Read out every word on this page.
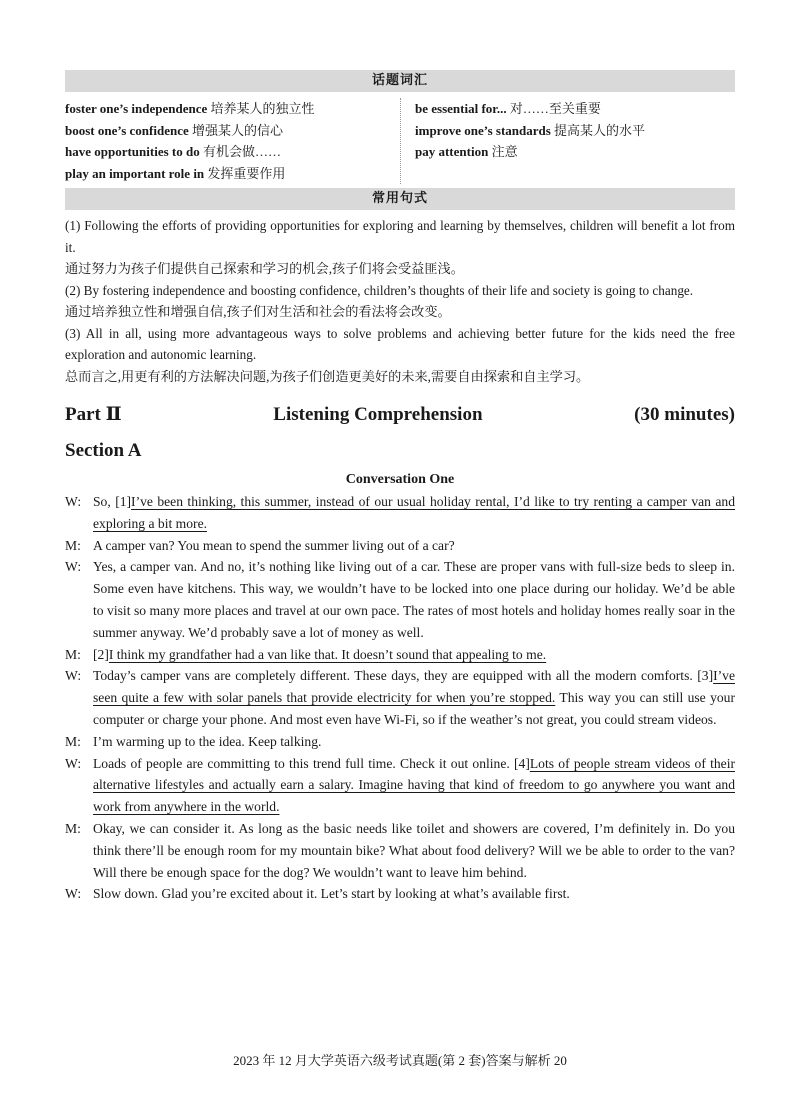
话题词汇
foster one’s independence 培养某人的独立性
boost one’s confidence 增强某人的信心
have opportunities to do 有机会做……
play an important role in 发挥重要作用
be essential for... 对……至关重要
improve one’s standards 提高某人的水平
pay attention 注意
常用句式

(1) Following the efforts of providing opportunities for exploring and learning by themselves, children will benefit a lot from it.

通过努力为孩子们提供自己探索和学习的机会,孩子们将会受益匪浅。

(2) By fostering independence and boosting confidence, children’s thoughts of their life and society is going to change.

通过培养独立性和增强自信,孩子们对生活和社会的看法将会改变。

(3) All in all, using more advantageous ways to solve problems and achieving better future for the kids need the free exploration and autonomic learning.

总而言之,用更有利的方法解决问题,为孩子们创造更美好的未来,需要自由探索和自主学习。

Part Ⅱ	Listening Comprehension	(30 minutes)
Section A
Conversation One
W: So, [1]I’ve been thinking, this summer, instead of our usual holiday rental, I’d like to try renting a camper van and exploring a bit more.
M: A camper van? You mean to spend the summer living out of a car?
W: Yes, a camper van. And no, it’s nothing like living out of a car. These are proper vans with full-size beds to sleep in. Some even have kitchens. This way, we wouldn’t have to be locked into one place during our holiday. We’d be able to visit so many more places and travel at our own pace. The rates of most hotels and holiday homes really soar in the summer anyway. We’d probably save a lot of money as well.
M: [2]I think my grandfather had a van like that. It doesn’t sound that appealing to me.
W: Today’s camper vans are completely different. These days, they are equipped with all the modern comforts. [3]I’ve seen quite a few with solar panels that provide electricity for when you’re stopped. This way you can still use your computer or charge your phone. And most even have Wi-Fi, so if the weather’s not great, you could stream videos.
M: I’m warming up to the idea. Keep talking.
W: Loads of people are committing to this trend full time. Check it out online. [4]Lots of people stream videos of their alternative lifestyles and actually earn a salary. Imagine having that kind of freedom to go anywhere you want and work from anywhere in the world.
M: Okay, we can consider it. As long as the basic needs like toilet and showers are covered, I’m definitely in. Do you think there’ll be enough room for my mountain bike? What about food delivery? Will we be able to order to the van? Will there be enough space for the dog? We wouldn’t want to leave him behind.
W: Slow down. Glad you’re excited about it. Let’s start by looking at what’s available first.
2023 年 12 月大学英语六级考试真题(第 2 套)答案与解析 20
